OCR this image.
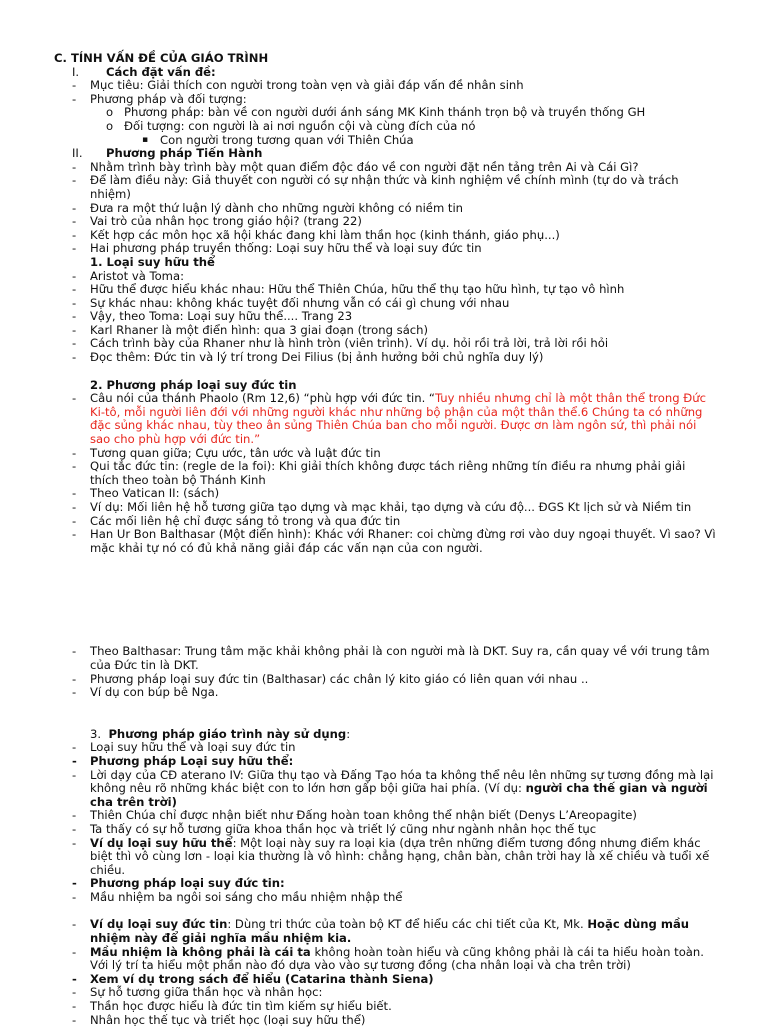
C. TÍNH VẤN ĐỀ CỦA GIÁO TRÌNH
I. Cách đặt vấn đề:
- Mục tiêu: Giải thích con người trong toàn vẹn và giải đáp vấn đề nhân sinh
- Phương pháp và đối tượng:
o Phương pháp: bàn về con người dưới ánh sáng MK Kinh thánh trọn bộ và truyền thống GH
o Đối tượng: con người là ai nơi nguồn cội và cùng đích của nó
▪ Con người trong tương quan với Thiên Chúa
II. Phương pháp Tiến Hành
- Nhằm trình bày trình bày một quan điểm độc đáo về con người đặt nền tảng trên Ai và Cái Gì?
- Để làm điều này: Giả thuyết con người có sự nhận thức và kinh nghiệm về chính mình (tự do và trách nhiệm)
- Đưa ra một thứ luận lý dành cho những người không có niềm tin
- Vai trò của nhân học trong giáo hội? (trang 22)
- Kết hợp các môn học xã hội khác đang khi làm thần học (kinh thánh, giáo phụ...)
- Hai phương pháp truyền thống: Loại suy hữu thể và loại suy đức tin
1. Loại suy hữu thể
- Aristot và Toma:
- Hữu thể được hiểu khác nhau: Hữu thể Thiên Chúa, hữu thể thụ tạo hữu hình, tự tạo vô hình
- Sự khác nhau: không khác tuyệt đối nhưng vẫn có cái gì chung với nhau
- Vậy, theo Toma: Loại suy hữu thể.... Trang 23
- Karl Rhaner là một điển hình: qua 3 giai đoạn (trong sách)
- Cách trình bày của Rhaner như là hình tròn (viên trình). Ví dụ. hỏi rồi trả lời, trả lời rồi hỏi
- Đọc thêm: Đức tin và lý trí trong Dei Filius (bị ảnh hưởng bởi chủ nghĩa duy lý)
2. Phương pháp loại suy đức tin
- Câu nói của thánh Phaolo (Rm 12,6) “phù hợp với đức tin. “Tuy nhiều nhưng chỉ là một thân thể trong Đức Ki-tô, mỗi người liên đới với những người khác như những bộ phận của một thân thể.6 Chúng ta có những đặc sủng khác nhau, tùy theo ân sủng Thiên Chúa ban cho mỗi người. Được ơn làm ngôn sứ, thì phải nói sao cho phù hợp với đức tin.”
- Tương quan giữa; Cựu ước, tân ước và luật đức tin
- Qui tắc đức tin: (regle de la foi): Khi giải thích không được tách riêng những tín điều ra nhưng phải giải thích theo toàn bộ Thánh Kinh
- Theo Vatican II: (sách)
- Ví dụ: Mối liên hệ hỗ tương giữa tạo dựng và mạc khải, tạo dựng và cứu độ... ĐGS Kt lịch sử và Niềm tin
- Các mối liên hệ chỉ được sáng tỏ trong và qua đức tin
- Han Ur Bon Balthasar (Một điển hình): Khác với Rhaner: coi chừng đừng rơi vào duy ngoại thuyết. Vì sao? Vì mặc khải tự nó có đủ khả năng giải đáp các vấn nạn của con người.
- Theo Balthasar: Trung tâm mặc khải không phải là con người mà là DKT. Suy ra, cần quay về với trung tâm của Đức tin là DKT.
- Phương pháp loại suy đức tin (Balthasar) các chân lý kito giáo có liên quan với nhau ..
- Ví dụ con búp bê Nga.
3. Phương pháp giáo trình này sử dụng:
- Loại suy hữu thể và loại suy đức tin
- Phương pháp Loại suy hữu thể:
- Lời dạy của CĐ aterano IV: Giữa thụ tạo và Đấng Tạo hóa ta không thể nêu lên những sự tương đồng mà lại không nêu rõ những khác biệt con to lớn hơn gấp bội giữa hai phía. (Ví dụ: người cha thế gian và người cha trên trời)
- Thiên Chúa chỉ được nhận biết như Đấng hoàn toan không thể nhận biết (Denys L’Areopagite)
- Ta thấy có sự hỗ tương giữa khoa thần học và triết lý cũng như ngành nhân học thế tục
- Ví dụ loại suy hữu thể: Một loại này suy ra loại kia (dựa trên những điểm tương đồng nhưng điểm khác biệt thì vô cùng lơn - loại kia thường là vô hình: chẳng hạng, chân bàn, chân trời hay là xế chiều và tuổi xế chiều.
- Phương pháp loại suy đức tin:
- Mầu nhiệm ba ngôi soi sáng cho mầu nhiệm nhập thể
- Ví dụ loại suy đức tin: Dùng tri thức của toàn bộ KT để hiểu các chi tiết của Kt, Mk. Hoặc dùng mầu nhiệm này để giải nghĩa mầu nhiệm kia.
- Mầu nhiệm là không phải là cái ta không hoàn toàn hiểu và cũng không phải là cái ta hiểu hoàn toàn. Với lý trí ta hiểu một phần nào đó dựa vào vào sự tương đồng (cha nhân loại và cha trên trời)
- Xem ví dụ trong sách để hiểu (Catarina thành Siena)
- Sự hỗ tương giữa thần học và nhân học:
- Thần học được hiểu là đức tin tìm kiếm sự hiểu biết.
- Nhân học thế tục và triết học (loại suy hữu thể)
